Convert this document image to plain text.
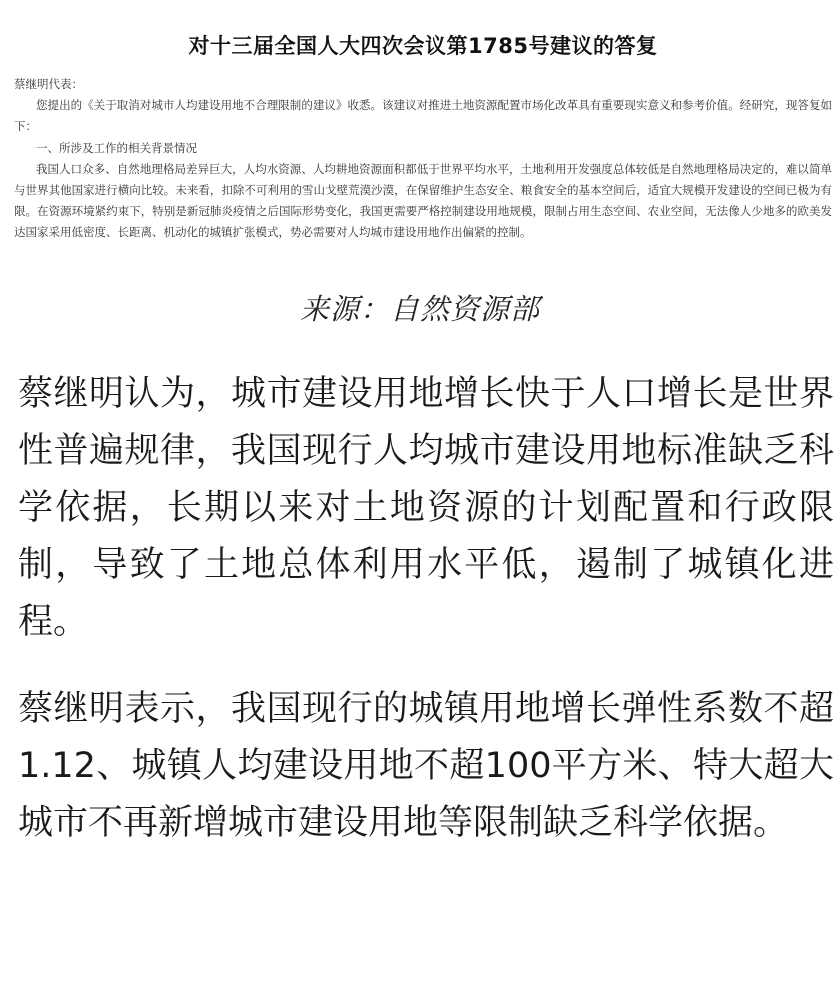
对十三届全国人大四次会议第1785号建议的答复

蔡继明代表：

您提出的《关于取消对城市人均建设用地不合理限制的建议》收悉。该建议对推进土地资源配置市场化改革具有重要现实意义和参考价值。经研究，现答复如下：

一、所涉及工作的相关背景情况

我国人口众多、自然地理格局差异巨大，人均水资源、人均耕地资源面积都低于世界平均水平，土地利用开发强度总体较低是自然地理格局决定的，难以简单与世界其他国家进行横向比较。未来看，扣除不可利用的雪山戈壁荒漠沙漠，在保留维护生态安全、粮食安全的基本空间后，适宜大规模开发建设的空间已极为有限。在资源环境紧约束下，特别是新冠肺炎疫情之后国际形势变化，我国更需要严格控制建设用地规模，限制占用生态空间、农业空间，无法像人少地多的欧美发达国家采用低密度、长距离、机动化的城镇扩张模式，势必需要对人均城市建设用地作出偏紧的控制。

来源：自然资源部

蔡继明认为，城市建设用地增长快于人口增长是世界性普遍规律，我国现行人均城市建设用地标准缺乏科学依据，长期以来对土地资源的计划配置和行政限制，导致了土地总体利用水平低，遏制了城镇化进程。

蔡继明表示，我国现行的城镇用地增长弹性系数不超1.12、城镇人均建设用地不超100平方米、特大超大城市不再新增城市建设用地等限制缺乏科学依据。
